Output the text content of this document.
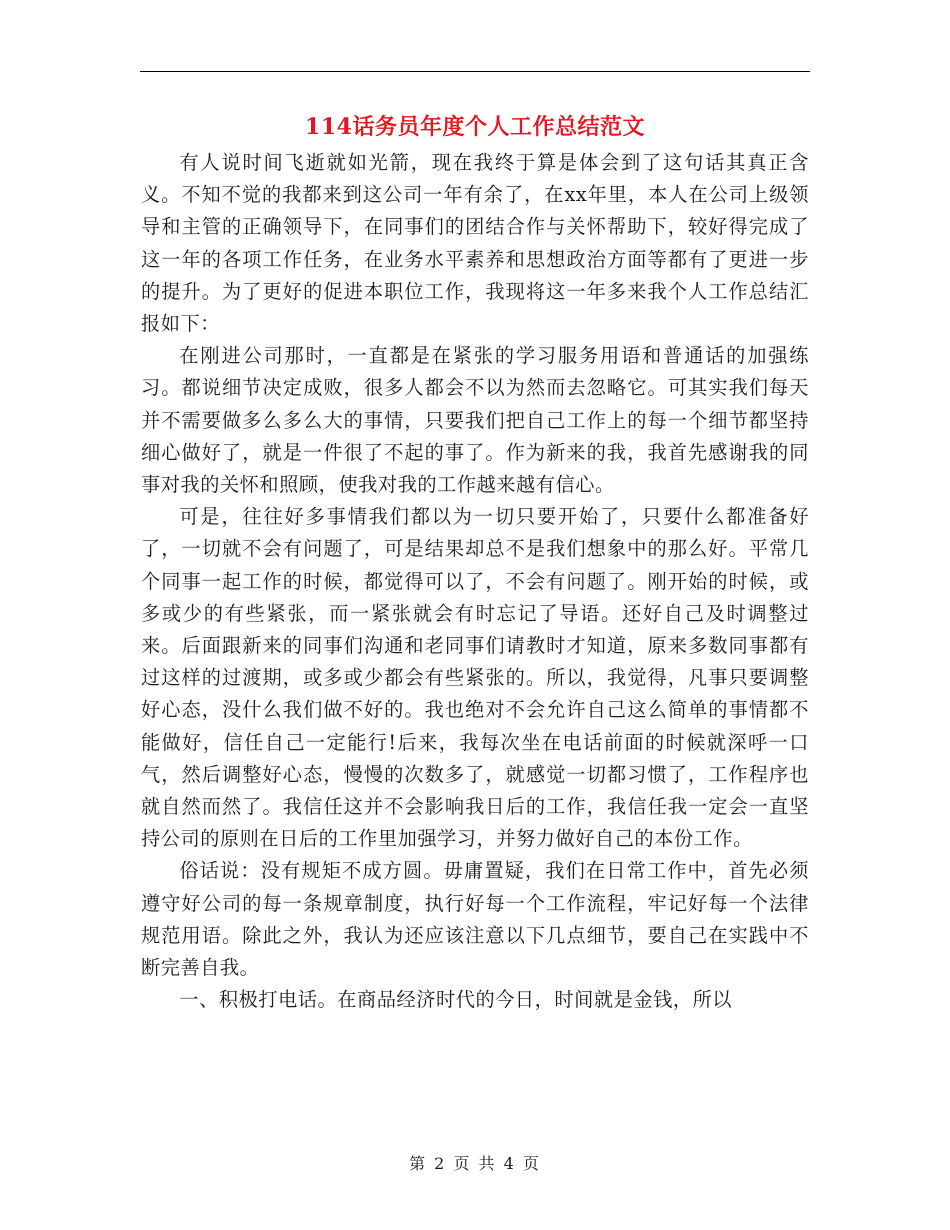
114话务员年度个人工作总结范文

有人说时间飞逝就如光箭，现在我终于算是体会到了这句话其真正含义。不知不觉的我都来到这公司一年有余了，在xx年里，本人在公司上级领导和主管的正确领导下，在同事们的团结合作与关怀帮助下，较好得完成了这一年的各项工作任务，在业务水平素养和思想政治方面等都有了更进一步的提升。为了更好的促进本职位工作，我现将这一年多来我个人工作总结汇报如下：

在刚进公司那时，一直都是在紧张的学习服务用语和普通话的加强练习。都说细节决定成败，很多人都会不以为然而去忽略它。可其实我们每天并不需要做多么多么大的事情，只要我们把自己工作上的每一个细节都坚持细心做好了，就是一件很了不起的事了。作为新来的我，我首先感谢我的同事对我的关怀和照顾，使我对我的工作越来越有信心。

可是，往往好多事情我们都以为一切只要开始了，只要什么都准备好了，一切就不会有问题了，可是结果却总不是我们想象中的那么好。平常几个同事一起工作的时候，都觉得可以了，不会有问题了。刚开始的时候，或多或少的有些紧张，而一紧张就会有时忘记了导语。还好自己及时调整过来。后面跟新来的同事们沟通和老同事们请教时才知道，原来多数同事都有过这样的过渡期，或多或少都会有些紧张的。所以，我觉得，凡事只要调整好心态，没什么我们做不好的。我也绝对不会允许自己这么简单的事情都不能做好，信任自己一定能行!后来，我每次坐在电话前面的时候就深呼一口气，然后调整好心态，慢慢的次数多了，就感觉一切都习惯了，工作程序也就自然而然了。我信任这并不会影响我日后的工作，我信任我一定会一直坚持公司的原则在日后的工作里加强学习，并努力做好自己的本份工作。

俗话说：没有规矩不成方圆。毋庸置疑，我们在日常工作中，首先必须遵守好公司的每一条规章制度，执行好每一个工作流程，牢记好每一个法律规范用语。除此之外，我认为还应该注意以下几点细节，要自己在实践中不断完善自我。

一、积极打电话。在商品经济时代的今日，时间就是金钱，所以

第 2 页 共 4 页
